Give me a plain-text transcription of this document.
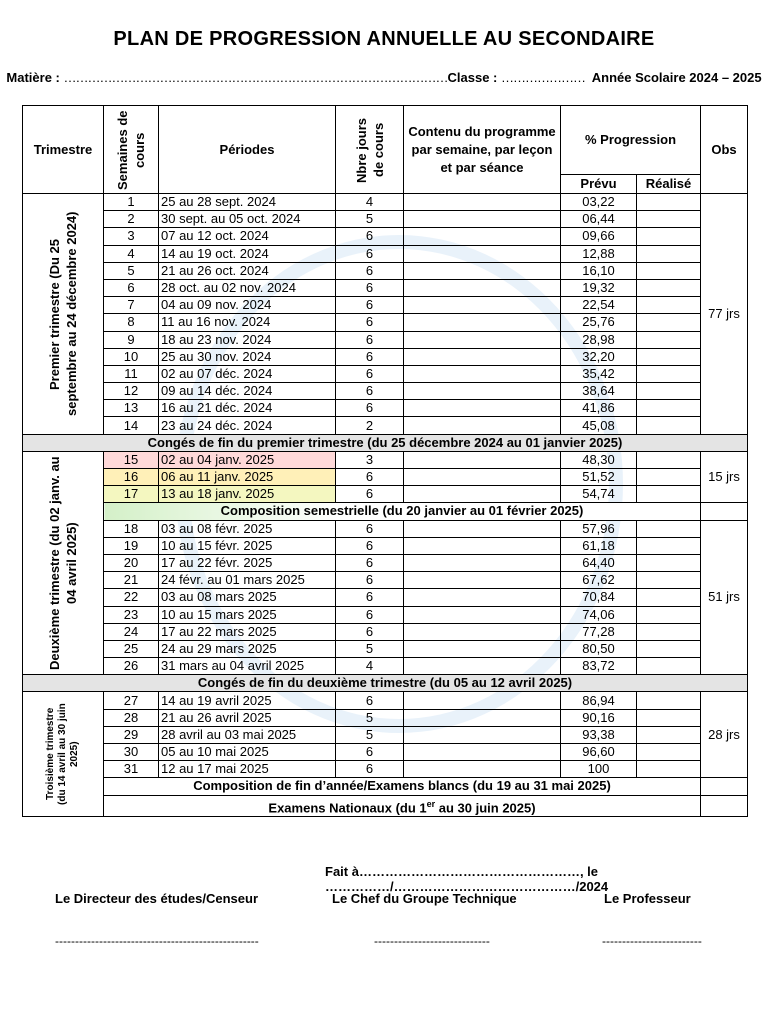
PLAN DE PROGRESSION ANNUELLE AU SECONDAIRE
Matière : ……………………………………………………………………………………Classe : ………………… Année Scolaire 2024 – 2025
Trimestre	Semaines de cours	Périodes	Nbre jours de cours	Contenu du programme par semaine, par leçon et par séance	% Progression		Obs
					Prévu	Réalisé	

Premier trimestre (Du 25 septembre au 24 décembre 2024)	1	25 au 28 sept. 2024	4		03,22		77 jrs
	2	30 sept. au 05 oct. 2024	5		06,44		
	3	07 au 12 oct. 2024	6		09,66		
	4	14 au 19 oct. 2024	6		12,88		
	5	21 au 26 oct. 2024	6		16,10		
	6	28 oct. au 02 nov. 2024	6		19,32		
	7	04 au 09 nov. 2024	6		22,54		
	8	11 au 16 nov. 2024	6		25,76		
	9	18 au 23 nov. 2024	6		28,98		
	10	25 au 30 nov. 2024	6		32,20		
	11	02 au 07 déc. 2024	6		35,42		
	12	09 au 14 déc. 2024	6		38,64		
	13	16 au 21 déc. 2024	6		41,86		
	14	23 au 24 déc. 2024	2		45,08		
Congés de fin du premier trimestre (du 25 décembre 2024 au 01 janvier 2025)							

Deuxième trimestre (du 02 janv. au 04 avril 2025)	15	02 au 04 janv. 2025	3		48,30		15 jrs
	16	06 au 11 janv. 2025	6		51,52		
	17	13 au 18 janv. 2025	6		54,74		
	Composition semestrielle (du 20 janvier au 01 février 2025)						
	18	03 au 08 févr. 2025	6		57,96		51 jrs
	19	10 au 15 févr. 2025	6		61,18		
	20	17 au 22 févr. 2025	6		64,40		
	21	24 févr. au 01 mars 2025	6		67,62		
	22	03 au 08 mars 2025	6		70,84		
	23	10 au 15 mars 2025	6		74,06		
	24	17 au 22 mars 2025	6		77,28		
	25	24 au 29 mars 2025	5		80,50		
	26	31 mars au 04 avril 2025	4		83,72		
Congés de fin du deuxième trimestre (du 05 au 12 avril 2025)							

Troisième trimestre (du 14 avril au 30 juin 2025)	27	14 au 19 avril 2025	6		86,94		28 jrs
	28	21 au 26 avril 2025	5		90,16		
	29	28 avril au 03 mai 2025	5		93,38		
	30	05 au 10 mai 2025	6		96,60		
	31	12 au 17 mai 2025	6		100		
	Composition de fin d’année/Examens blancs (du 19 au 31 mai 2025)						
	Examens Nationaux (du 1er au 30 juin 2025)						
Fait à……………………………………………, le ……………/……………………………………/2024
Le Directeur des études/Censeur	Le Chef du Groupe Technique	Le Professeur
---------------------------------------------------	-----------------------------	-------------------------
